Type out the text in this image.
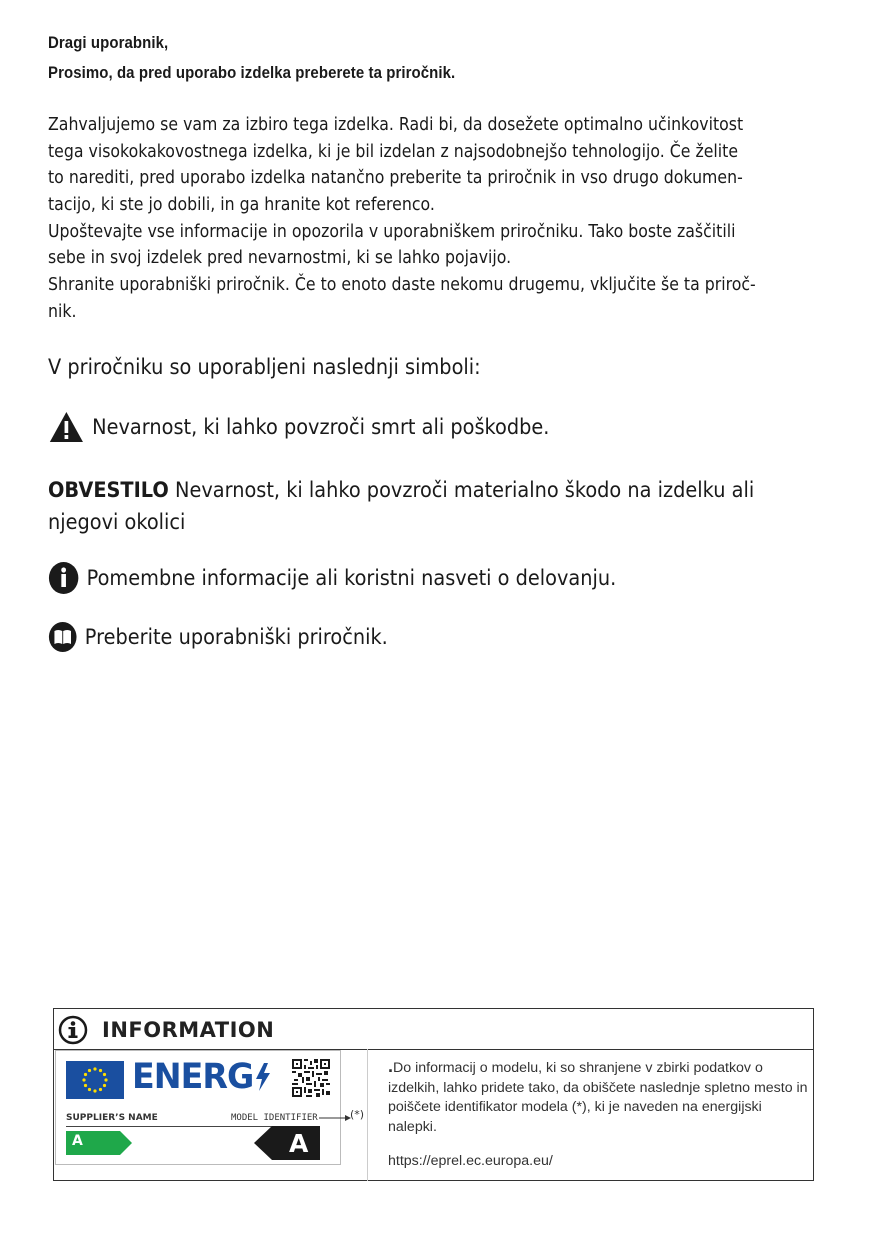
Dragi uporabnik,
Prosimo, da pred uporabo izdelka preberete ta priročnik.
Zahvaljujemo se vam za izbiro tega izdelka. Radi bi, da dosežete optimalno učinkovitost
tega visokokakovostnega izdelka, ki je bil izdelan z najsodobnejšo tehnologijo. Če želite
to narediti, pred uporabo izdelka natančno preberite ta priročnik in vso drugo dokumen-
tacijo, ki ste jo dobili, in ga hranite kot referenco.
Upoštevajte vse informacije in opozorila v uporabniškem priročniku. Tako boste zaščitili
sebe in svoj izdelek pred nevarnostmi, ki se lahko pojavijo.
Shranite uporabniški priročnik. Če to enoto daste nekomu drugemu, vključite še ta priroč-
nik.
V priročniku so uporabljeni naslednji simboli:
Nevarnost, ki lahko povzroči smrt ali poškodbe.
OBVESTILO Nevarnost, ki lahko povzroči materialno škodo na izdelku ali njegovi okolici
Pomembne informacije ali koristni nasveti o delovanju.
Preberite uporabniški priročnik.
INFORMATION
ENERG
SUPPLIER’S NAME	MODEL IDENTIFIER
A	A
(*)
.Do informacij o modelu, ki so shranjene v zbirki podatkov o izdelkih, lahko pridete tako, da obiščete naslednje spletno mesto in poiščete identifikator modela (*), ki je naveden na energijski nalepki.
https://eprel.ec.europa.eu/
